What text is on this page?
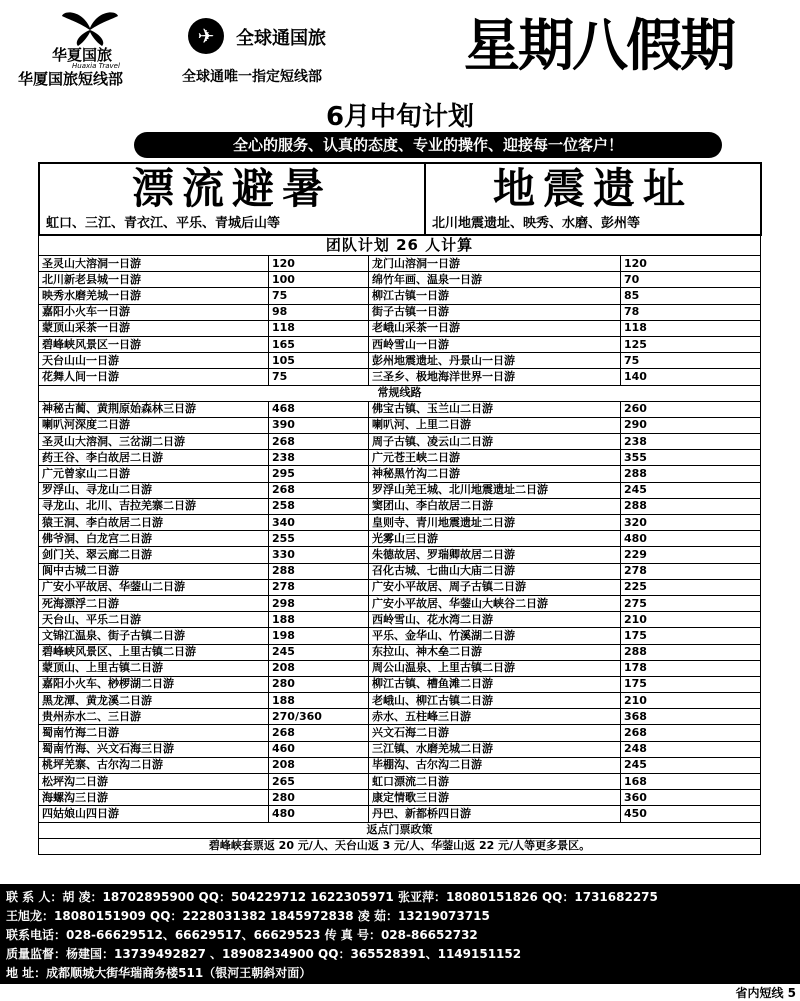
华夏国旅
Huaxia Travel
华厦国旅短线部
✈	全球通国旅
全球通唯一指定短线部	星期八假期
6月中旬计划
全心的服务、认真的态度、专业的操作、迎接每一位客户！
漂流避暑
虹口、三江、青衣江、平乐、青城后山等
地震遗址
北川地震遗址、映秀、水磨、彭州等
团队计划 26 人计算			
圣灵山大溶洞一日游	120	龙门山溶洞一日游	120
北川新老县城一日游	100	绵竹年画、温泉一日游	70
映秀水磨羌城一日游	75	柳江古镇一日游	85
嘉阳小火车一日游	98	街子古镇一日游	78
蒙顶山采茶一日游	118	老峨山采茶一日游	118
碧峰峡风景区一日游	165	西岭雪山一日游	125
天台山山一日游	105	彭州地震遗址、丹景山一日游	75
花舞人间一日游	75	三圣乡、极地海洋世界一日游	140
常规线路			
神秘古蔺、黄荆原始森林三日游	468	佛宝古镇、玉兰山二日游	260
喇叭河深度二日游	390	喇叭河、上里二日游	290
圣灵山大溶洞、三岔湖二日游	268	周子古镇、凌云山二日游	238
药王谷、李白故居二日游	238	广元苍王峡二日游	355
广元曾家山二日游	295	神秘黑竹沟二日游	288
罗浮山、寻龙山二日游	268	罗浮山羌王城、北川地震遗址二日游	245
寻龙山、北川、吉拉羌寨二日游	258	窦团山、李白故居二日游	288
猿王洞、李白故居二日游	340	皇则寺、青川地震遗址二日游	320
佛爷洞、白龙宫二日游	255	光雾山三日游	480
剑门关、翠云廊二日游	330	朱德故居、罗瑞卿故居二日游	229
阆中古城二日游	288	召化古城、七曲山大庙二日游	278
广安小平故居、华蓥山二日游	278	广安小平故居、周子古镇二日游	225
死海漂浮二日游	298	广安小平故居、华蓥山大峡谷二日游	275
天台山、平乐二日游	188	西岭雪山、花水湾二日游	210
文锦江温泉、街子古镇二日游	198	平乐、金华山、竹溪湖二日游	175
碧峰峡风景区、上里古镇二日游	245	东拉山、神木垒二日游	288
蒙顶山、上里古镇二日游	208	周公山温泉、上里古镇二日游	178
嘉阳小火车、桫椤湖二日游	280	柳江古镇、槽鱼滩二日游	175
黑龙潭、黄龙溪二日游	188	老峨山、柳江古镇二日游	210
贵州赤水二、三日游	270/360	赤水、五柱峰三日游	368
蜀南竹海二日游	268	兴文石海二日游	268
蜀南竹海、兴文石海三日游	460	三江镇、水磨羌城二日游	248
桃坪羌寨、古尔沟二日游	208	毕棚沟、古尔沟二日游	245
松坪沟二日游	265	虹口漂流二日游	168
海螺沟三日游	280	康定情歌三日游	360
四姑娘山四日游	480	丹巴、新都桥四日游	450
返点门票政策			
碧峰峡套票返 20 元/人、天台山返 3 元/人、华蓥山返 22 元/人等更多景区。			
联 系 人：胡 凌：18702895900 QQ：504229712 1622305971 张亚萍：18080151826 QQ：1731682275
王旭龙：18080151909 QQ：2228031382 1845972838 凌 茹：13219073715
联系电话：028-66629512、66629517、66629523 传 真 号：028-86652732
质量监督：杨建国：13739492827 、18908234900 QQ：365528391、1149151152
地 址：成都顺城大街华瑞商务楼511（银河王朝斜对面）
省内短线 5
